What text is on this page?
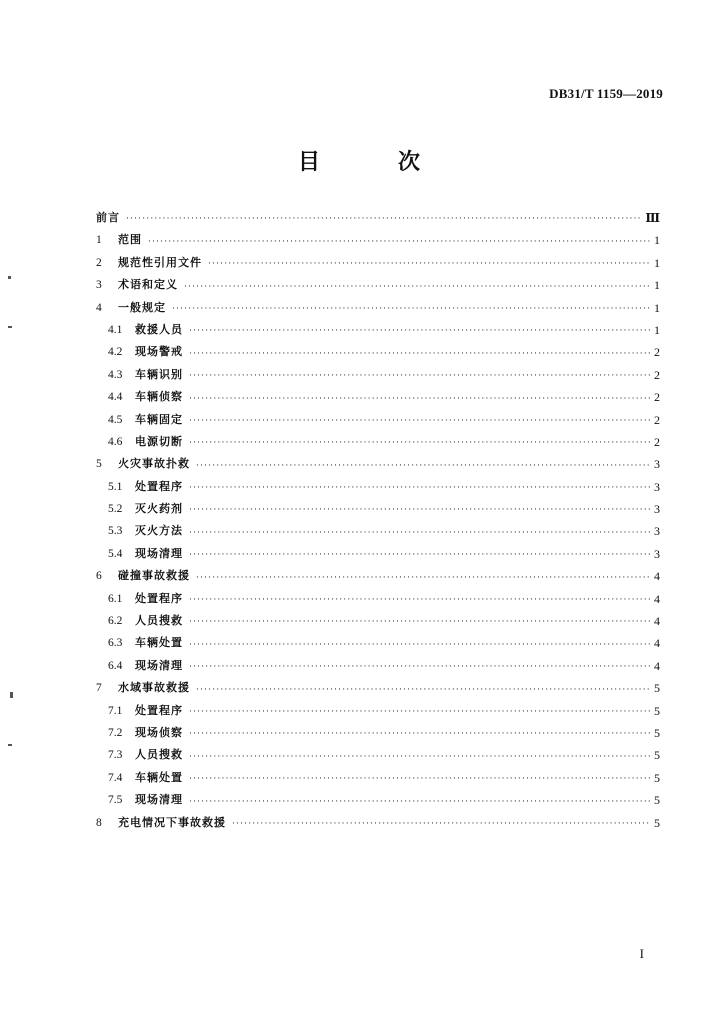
DB31/T 1159—2019
目　次
前言 ·····	Ⅲ
1	范围 ·····	1
2	规范性引用文件 ·····	1
3	术语和定义 ·····	1
4	一般规定 ·····	1
4.1	救援人员 ·····	1
4.2	现场警戒 ·····	2
4.3	车辆识别 ·····	2
4.4	车辆侦察 ·····	2
4.5	车辆固定 ·····	2
4.6	电源切断 ·····	2
5	火灾事故扑救 ·····	3
5.1	处置程序 ·····	3
5.2	灭火药剂 ·····	3
5.3	灭火方法 ·····	3
5.4	现场清理 ·····	3
6	碰撞事故救援 ·····	4
6.1	处置程序 ·····	4
6.2	人员搜救 ·····	4
6.3	车辆处置 ·····	4
6.4	现场清理 ·····	4
7	水域事故救援 ·····	5
7.1	处置程序 ·····	5
7.2	现场侦察 ·····	5
7.3	人员搜救 ·····	5
7.4	车辆处置 ·····	5
7.5	现场清理 ·····	5
8	充电情况下事故救援 ·····	5
I
